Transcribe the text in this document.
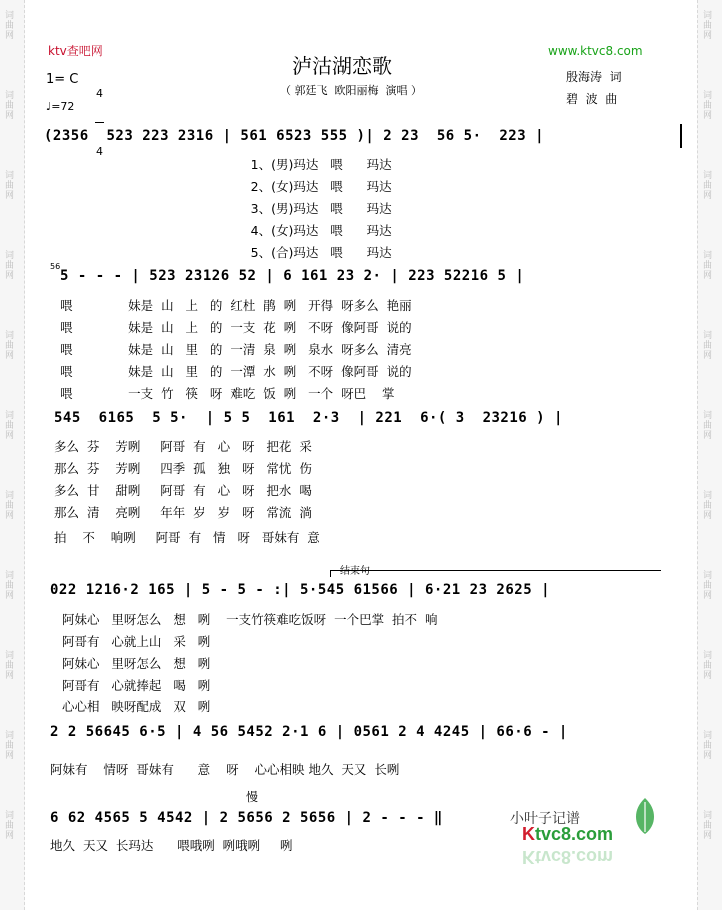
词曲网
词曲网
词曲网
词曲网
词曲网
词曲网
词曲网
词曲网
词曲网
词曲网
词曲网
词曲网
词曲网
词曲网
词曲网
词曲网
词曲网
词曲网
词曲网
词曲网
词曲网
词曲网
ktv查吧网	www.ktvc8.com
泸沽湖恋歌
1= C

4

4

（ 郭廷飞  欧阳丽梅  演唱 ）
殷海涛  词
碧  波  曲
♩=72
(2356  523 223 2316 | 561 6523 555 )| 2 23  56 5·  223 |
1、(男)玛达   喂      玛达
2、(女)玛达   喂      玛达
3、(男)玛达   喂      玛达
4、(女)玛达   喂      玛达
5、(合)玛达   喂      玛达
56
5 - - - | 523 23126 52 | 6 161 23 2· | 223 52216 5 |
喂              妹是  山   上   的  红杜  鹃  咧   开得  呀多么  艳丽
喂              妹是  山   上   的  一支  花  咧   不呀  像阿哥  说的
喂              妹是  山   里   的  一清  泉  咧   泉水  呀多么  清亮
喂              妹是  山   里   的  一潭  水  咧   不呀  像阿哥  说的
喂              一支  竹   筷   呀  难吃  饭  咧   一个  呀巴    掌
545  6165  5 5·  | 5 5  161  2·3  | 221  6·( 3  23216 ) |
多么  芬    芳咧     阿哥  有   心   呀   把花  采
那么  芬    芳咧     四季  孤   独   呀   常忧  伤
多么  甘    甜咧     阿哥  有   心   呀   把水  喝
那么  清    亮咧     年年  岁   岁   呀   常流  淌
拍    不    响咧     阿哥  有   情   呀   哥妹有  意
结束句
022 1216·2 165 | 5 - 5 - :| 5·545 61566 | 6·21 23 2625 |
阿妹心   里呀怎么   想   咧    一支竹筷难吃饭呀  一个巴掌  拍不  响
阿哥有   心就上山   采   咧
阿妹心   里呀怎么   想   咧
阿哥有   心就捧起   喝   咧
心心相   映呀配成   双   咧
2 2 56645 6·5 | 4 56 5452 2·1 6 | 0561 2 4 4245 | 66·6 - |
阿妹有    情呀  哥妹有      意    呀    心心相映 地久  天又  长咧
慢
6 62 4565 5 4542 | 2 5656 2 5656 | 2 - - - ‖
地久  天又  长玛达      喂哦咧  咧哦咧     咧
小叶子记谱
Ktvc8.com
Ktvc8.com
